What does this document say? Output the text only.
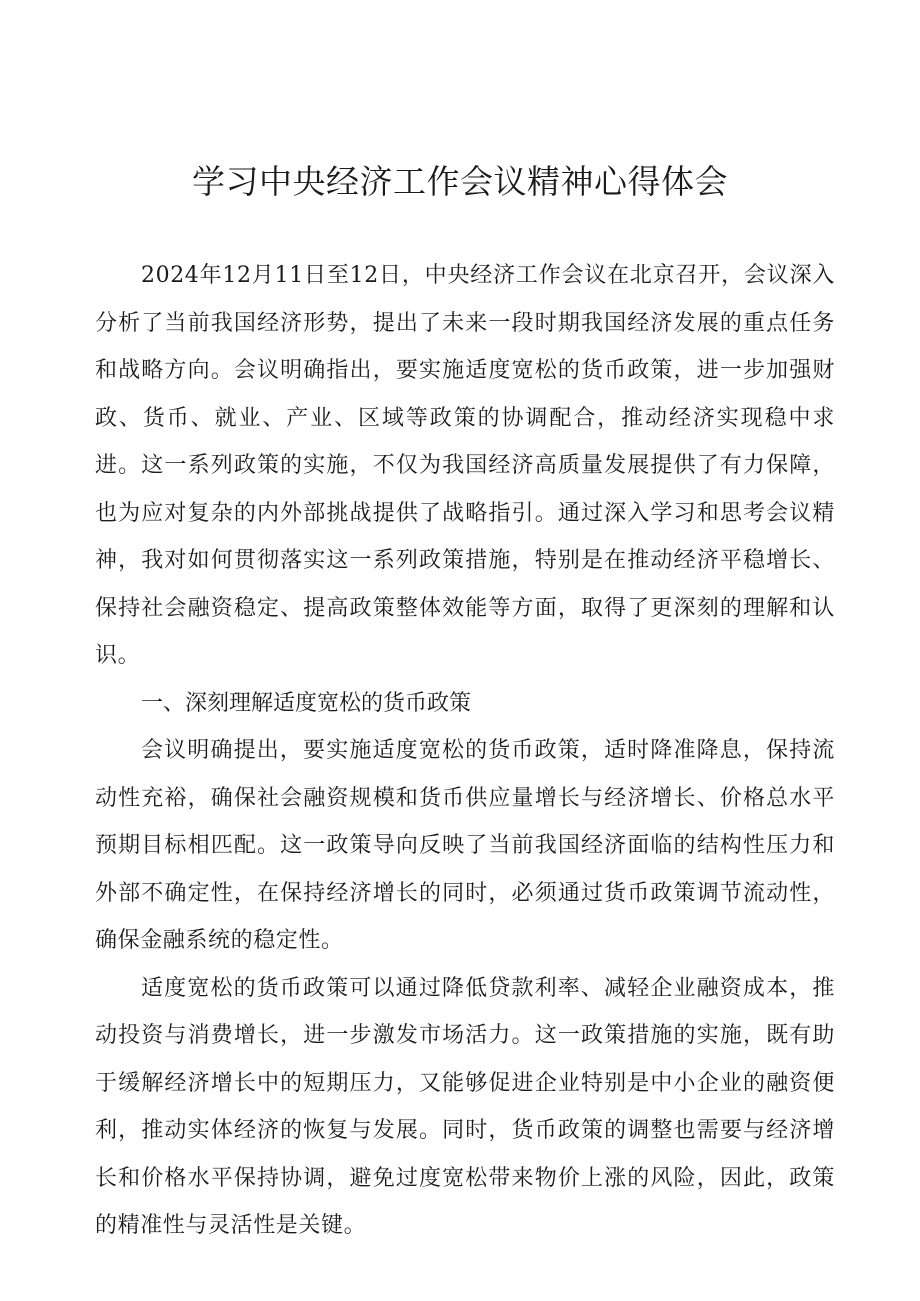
学习中央经济工作会议精神心得体会

2024年12月11日至12日，中央经济工作会议在北京召开，会议深入分析了当前我国经济形势，提出了未来一段时期我国经济发展的重点任务和战略方向。会议明确指出，要实施适度宽松的货币政策，进一步加强财政、货币、就业、产业、区域等政策的协调配合，推动经济实现稳中求进。这一系列政策的实施，不仅为我国经济高质量发展提供了有力保障，也为应对复杂的内外部挑战提供了战略指引。通过深入学习和思考会议精神，我对如何贯彻落实这一系列政策措施，特别是在推动经济平稳增长、保持社会融资稳定、提高政策整体效能等方面，取得了更深刻的理解和认识。

一、深刻理解适度宽松的货币政策

会议明确提出，要实施适度宽松的货币政策，适时降准降息，保持流动性充裕，确保社会融资规模和货币供应量增长与经济增长、价格总水平预期目标相匹配。这一政策导向反映了当前我国经济面临的结构性压力和外部不确定性，在保持经济增长的同时，必须通过货币政策调节流动性，确保金融系统的稳定性。

适度宽松的货币政策可以通过降低贷款利率、减轻企业融资成本，推动投资与消费增长，进一步激发市场活力。这一政策措施的实施，既有助于缓解经济增长中的短期压力，又能够促进企业特别是中小企业的融资便利，推动实体经济的恢复与发展。同时，货币政策的调整也需要与经济增长和价格水平保持协调，避免过度宽松带来物价上涨的风险，因此，政策的精准性与灵活性是关键。
